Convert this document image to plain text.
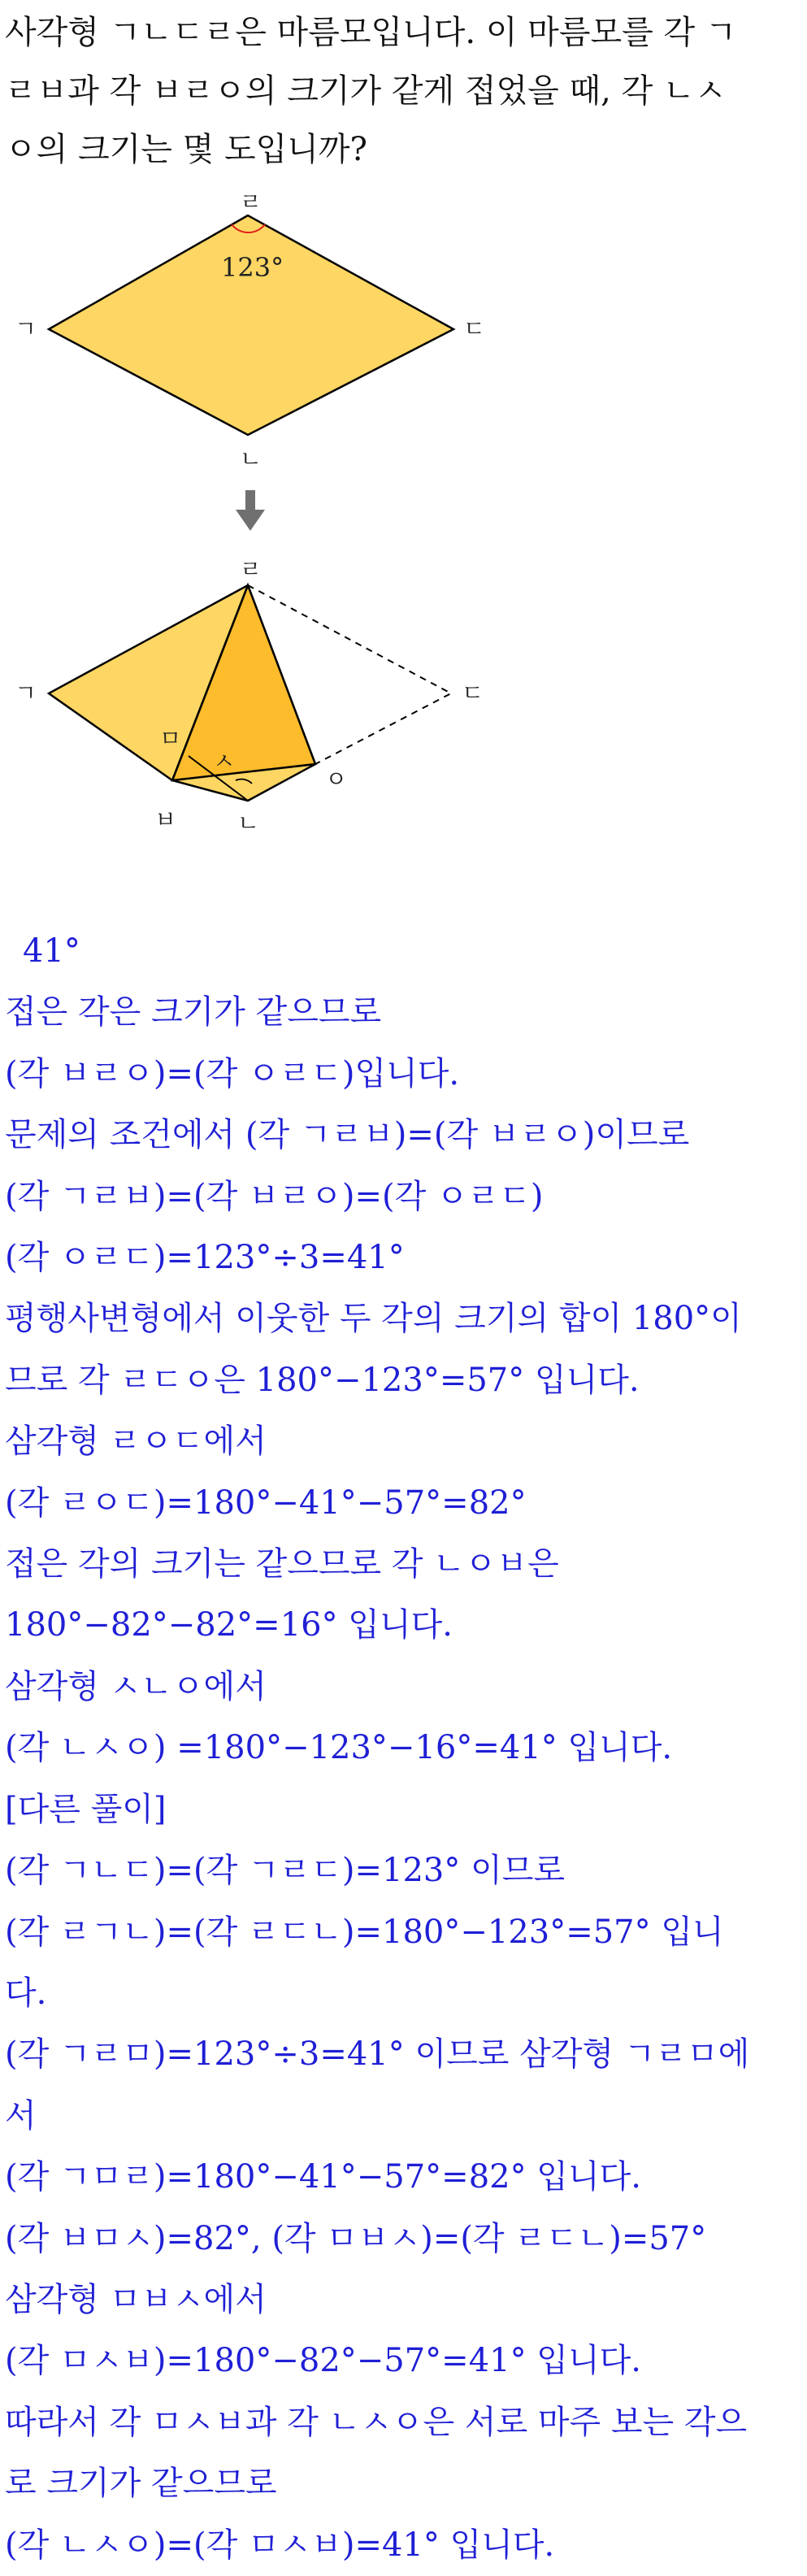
사각형 ㄱㄴㄷㄹ은 마름모입니다. 이 마름모를 각 ㄱ

ㄹㅂ과 각 ㅂㄹㅇ의 크기가 같게 접었을 때, 각 ㄴㅅ

ㅇ의 크기는 몇 도입니까?

123°
ㄹ
ㄱ	ㄷ
ㄴ
ㄹ
ㄱ	ㄷ
ㅁ
ㅅ
ㅂ	ㄴ
ㅇ

41°

접은 각은 크기가 같으므로

(각 ㅂㄹㅇ)=(각 ㅇㄹㄷ)입니다.

문제의 조건에서 (각 ㄱㄹㅂ)=(각 ㅂㄹㅇ)이므로

(각 ㄱㄹㅂ)=(각 ㅂㄹㅇ)=(각 ㅇㄹㄷ)

(각 ㅇㄹㄷ)=123°÷3=41°

평행사변형에서 이웃한 두 각의 크기의 합이 180°이

므로 각 ㄹㄷㅇ은 180°−123°=57° 입니다.

삼각형 ㄹㅇㄷ에서

(각 ㄹㅇㄷ)=180°−41°−57°=82°

접은 각의 크기는 같으므로 각 ㄴㅇㅂ은

180°−82°−82°=16° 입니다.

삼각형 ㅅㄴㅇ에서

(각 ㄴㅅㅇ) =180°−123°−16°=41° 입니다.

[다른 풀이]

(각 ㄱㄴㄷ)=(각 ㄱㄹㄷ)=123° 이므로

(각 ㄹㄱㄴ)=(각 ㄹㄷㄴ)=180°−123°=57° 입니

다.

(각 ㄱㄹㅁ)=123°÷3=41° 이므로 삼각형 ㄱㄹㅁ에

서

(각 ㄱㅁㄹ)=180°−41°−57°=82° 입니다.

(각 ㅂㅁㅅ)=82°, (각 ㅁㅂㅅ)=(각 ㄹㄷㄴ)=57°

삼각형 ㅁㅂㅅ에서

(각 ㅁㅅㅂ)=180°−82°−57°=41° 입니다.

따라서 각 ㅁㅅㅂ과 각 ㄴㅅㅇ은 서로 마주 보는 각으

로 크기가 같으므로

(각 ㄴㅅㅇ)=(각 ㅁㅅㅂ)=41° 입니다.
